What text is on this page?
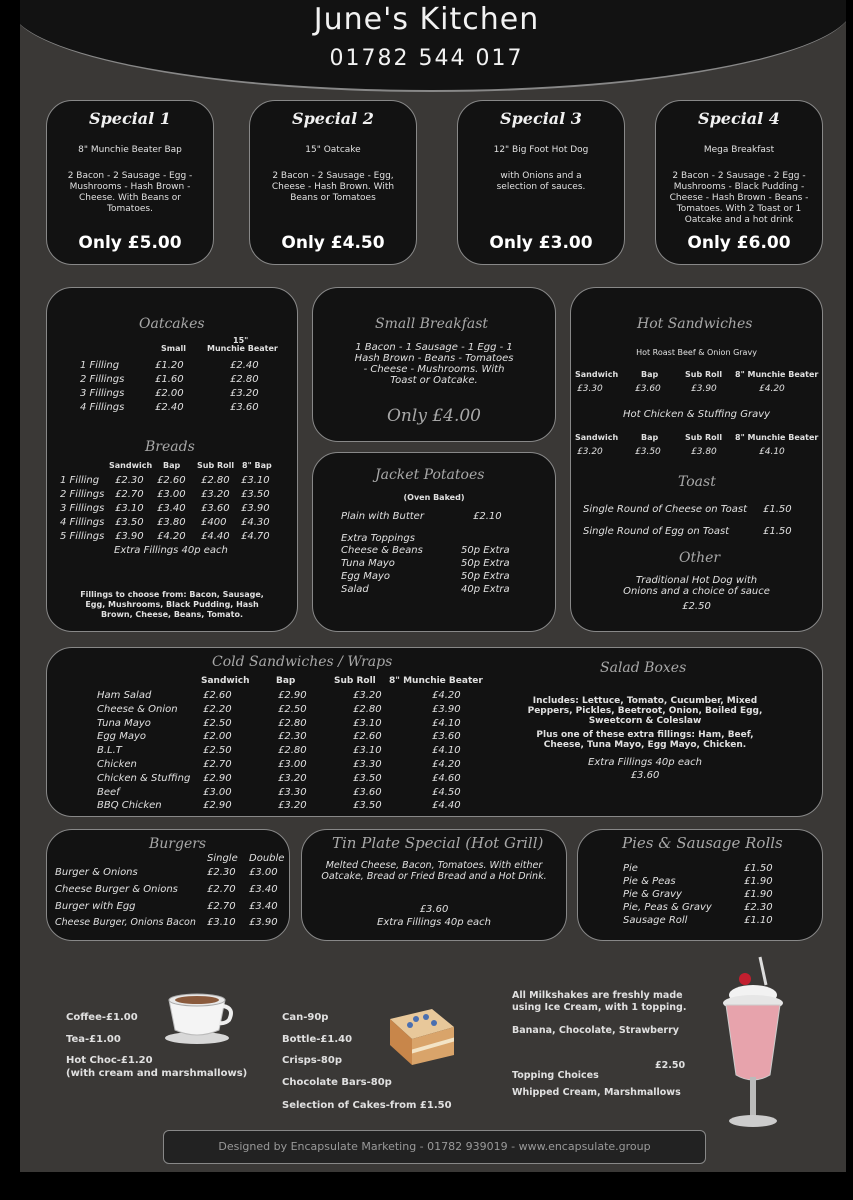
June's Kitchen
01782 544 017
Special 1
8" Munchie Beater Bap
2 Bacon - 2 Sausage - Egg - Mushrooms - Hash Brown - Cheese. With Beans or Tomatoes.
Only £5.00
Special 2
15" Oatcake
2 Bacon - 2 Sausage - Egg, Cheese - Hash Brown. With Beans or Tomatoes
Only £4.50
Special 3
12" Big Foot Hot Dog
with Onions and a selection of sauces.
Only £3.00
Special 4
Mega Breakfast
2 Bacon - 2 Sausage - 2 Egg - Mushrooms - Black Pudding - Cheese - Hash Brown - Beans - Tomatoes. With 2 Toast or 1 Oatcake and a hot drink
Only £6.00
Oatcakes
15"
Small	Munchie Beater
1 Filling	£1.20	£2.40
2 Fillings	£1.60	£2.80
3 Fillings	£2.00	£3.20
4 Fillings	£2.40	£3.60
Breads
Sandwich Bap Sub Roll 8" Bap
1 Filling £2.30 £2.60 £2.80 £3.10
2 Fillings £2.70 £3.00 £3.20 £3.50
3 Fillings £3.10 £3.40 £3.60 £3.90
4 Fillings £3.50 £3.80 £400 £4.30
5 Fillings £3.90 £4.20 £4.40 £4.70
Extra Fillings 40p each
Fillings to choose from: Bacon, Sausage, Egg, Mushrooms, Black Pudding, Hash Brown, Cheese, Beans, Tomato.
Small Breakfast
1 Bacon - 1 Sausage - 1 Egg - 1 Hash Brown - Beans - Tomatoes - Cheese - Mushrooms. With Toast or Oatcake.
Only £4.00
Jacket Potatoes
(Oven Baked)
Plain with Butter	£2.10
Extra Toppings
Cheese & Beans	50p Extra
Tuna Mayo	50p Extra
Egg Mayo	50p Extra
Salad	40p Extra
Hot Sandwiches
Hot Roast Beef & Onion Gravy
Sandwich	Bap	Sub Roll 8" Munchie Beater
£3.30	£3.60	£3.90	£4.20
Hot Chicken & Stuffing Gravy
Sandwich	Bap	Sub Roll 8" Munchie Beater
£3.20	£3.50	£3.80	£4.10
Toast
Single Round of Cheese on Toast £1.50
Single Round of Egg on Toast	£1.50
Other
Traditional Hot Dog with Onions and a choice of sauce
£2.50
Cold Sandwiches / Wraps
Sandwich	Bap	Sub Roll 8" Munchie Beater
Ham Salad	£2.60	£2.90	£3.20	£4.20
Cheese & Onion	£2.20	£2.50	£2.80	£3.90
Tuna Mayo	£2.50	£2.80	£3.10	£4.10
Egg Mayo	£2.00	£2.30	£2.60	£3.60
B.L.T	£2.50	£2.80	£3.10	£4.10
Chicken	£2.70	£3.00	£3.30	£4.20
Chicken & Stuffing £2.90	£3.20	£3.50	£4.60
Beef	£3.00	£3.30	£3.60	£4.50
BBQ Chicken	£2.90	£3.20	£3.50	£4.40
Salad Boxes
Includes: Lettuce, Tomato, Cucumber, Mixed Peppers, Pickles, Beetroot, Onion, Boiled Egg, Sweetcorn & Coleslaw
Plus one of these extra fillings: Ham, Beef, Cheese, Tuna Mayo, Egg Mayo, Chicken.
Extra Fillings 40p each
£3.60
Burgers
Single Double
Burger & Onions	£2.30 £3.00
Cheese Burger & Onions	£2.70 £3.40
Burger with Egg	£2.70 £3.40
Cheese Burger, Onions Bacon £3.10 £3.90
Tin Plate Special (Hot Grill)
Melted Cheese, Bacon, Tomatoes. With either Oatcake, Bread or Fried Bread and a Hot Drink.
£3.60
Extra Fillings 40p each
Pies & Sausage Rolls
Pie	£1.50
Pie & Peas	£1.90
Pie & Gravy	£1.90
Pie, Peas & Gravy	£2.30
Sausage Roll	£1.10
Coffee-£1.00
Tea-£1.00
Hot Choc-£1.20
(with cream and marshmallows)
Can-90p
Bottle-£1.40
Crisps-80p
Chocolate Bars-80p
Selection of Cakes-from £1.50
All Milkshakes are freshly made using Ice Cream, with 1 topping.
Banana, Chocolate, Strawberry
£2.50
Topping Choices
Whipped Cream, Marshmallows
Designed by Encapsulate Marketing - 01782 939019 - www.encapsulate.group
